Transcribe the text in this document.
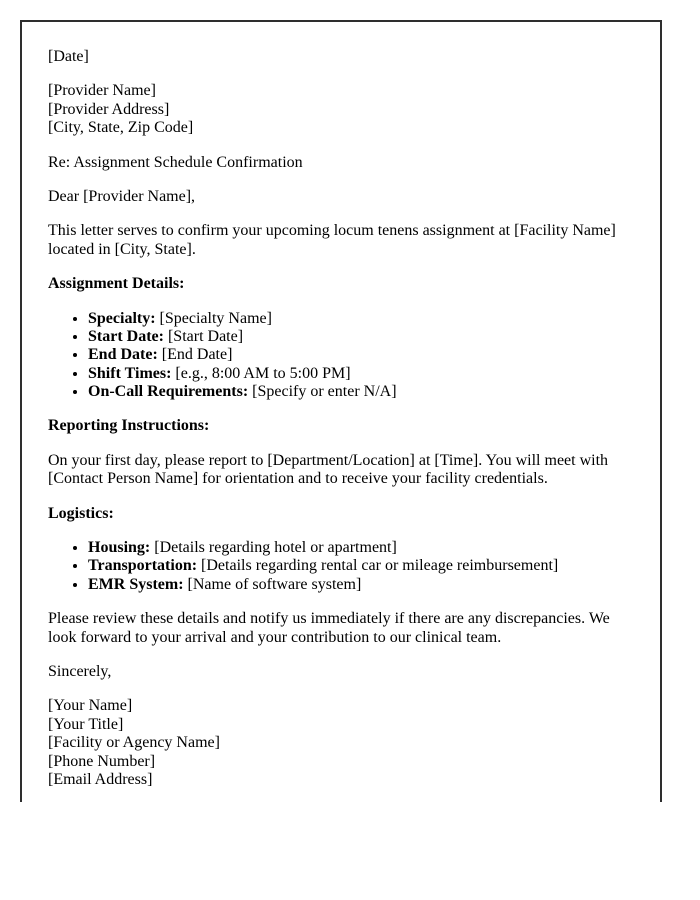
[Date]

[Provider Name]
[Provider Address]
[City, State, Zip Code]

Re: Assignment Schedule Confirmation

Dear [Provider Name],

This letter serves to confirm your upcoming locum tenens assignment at [Facility Name] located in [City, State].

Assignment Details:

• Specialty: [Specialty Name]
• Start Date: [Start Date]
• End Date: [End Date]
• Shift Times: [e.g., 8:00 AM to 5:00 PM]
• On-Call Requirements: [Specify or enter N/A]

Reporting Instructions:

On your first day, please report to [Department/Location] at [Time]. You will meet with [Contact Person Name] for orientation and to receive your facility credentials.

Logistics:

• Housing: [Details regarding hotel or apartment]
• Transportation: [Details regarding rental car or mileage reimbursement]
• EMR System: [Name of software system]

Please review these details and notify us immediately if there are any discrepancies. We look forward to your arrival and your contribution to our clinical team.

Sincerely,

[Your Name]
[Your Title]
[Facility or Agency Name]
[Phone Number]
[Email Address]
